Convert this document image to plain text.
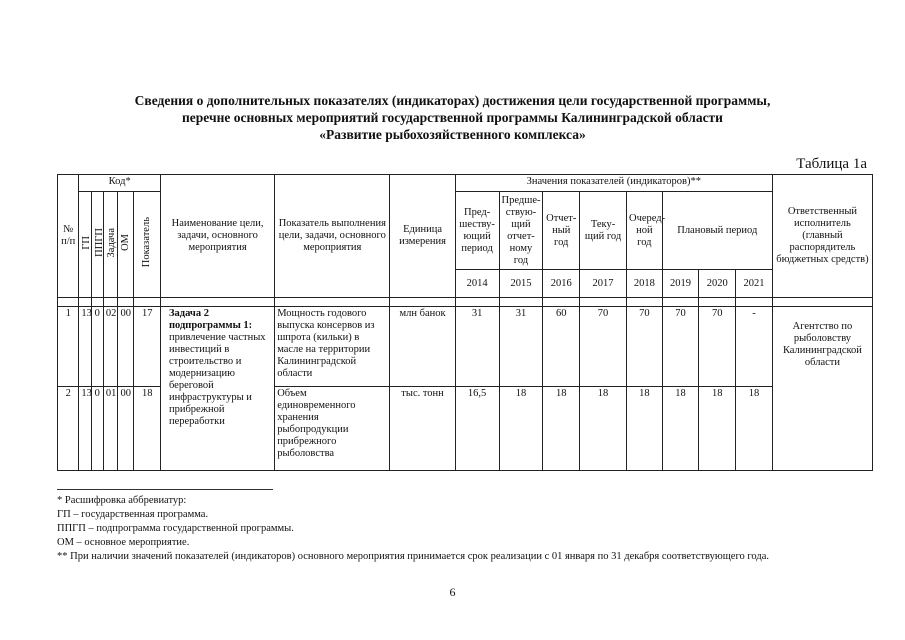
Сведения о дополнительных показателях (индикаторах) достижения цели государственной программы,
перечне основных мероприятий государственной программы Калининградской области
«Развитие рыбохозяйственного комплекса»
Таблица 1а
№ п/п	Код*					Наименование цели, задачи, основного мероприятия	Показатель выполнения цели, задачи, основного мероприятия	Единица измерения	Значения показателей (индикаторов)**								Ответственный исполнитель (главный распорядитель бюджетных средств)
	ГП	ППГП	Задача	ОМ	Показатель				Пред-шеству-ющий период	Предше-ствую-щий отчет-ному год	Отчет-ный год	Теку-щий год	Очеред-ной год	Плановый период			
									2014	2015	2016	2017	2018	2019	2020	2021	

1	13	0	02	00	17	Задача 2 подпрограммы 1: привлечение частных инвестиций в строительство и модернизацию береговой инфраструктуры и прибрежной переработки	Мощность годового выпуска консервов из шпрота (кильки) в масле на территории Калининградской области	млн банок	31	31	60	70	70	70	70	-	Агентство по рыболовству Калининградской области
2	13	0	01	00	18		Объем единовременного хранения рыбопродукции прибрежного рыболовства	тыс. тонн	16,5	18	18	18	18	18	18	18	
* Расшифровка аббревиатур:
ГП – государственная программа.
ППГП – подпрограмма государственной программы.
ОМ – основное мероприятие.
** При наличии значений показателей (индикаторов) основного мероприятия принимается срок реализации с 01 января по 31 декабря соответствующего года.
6
